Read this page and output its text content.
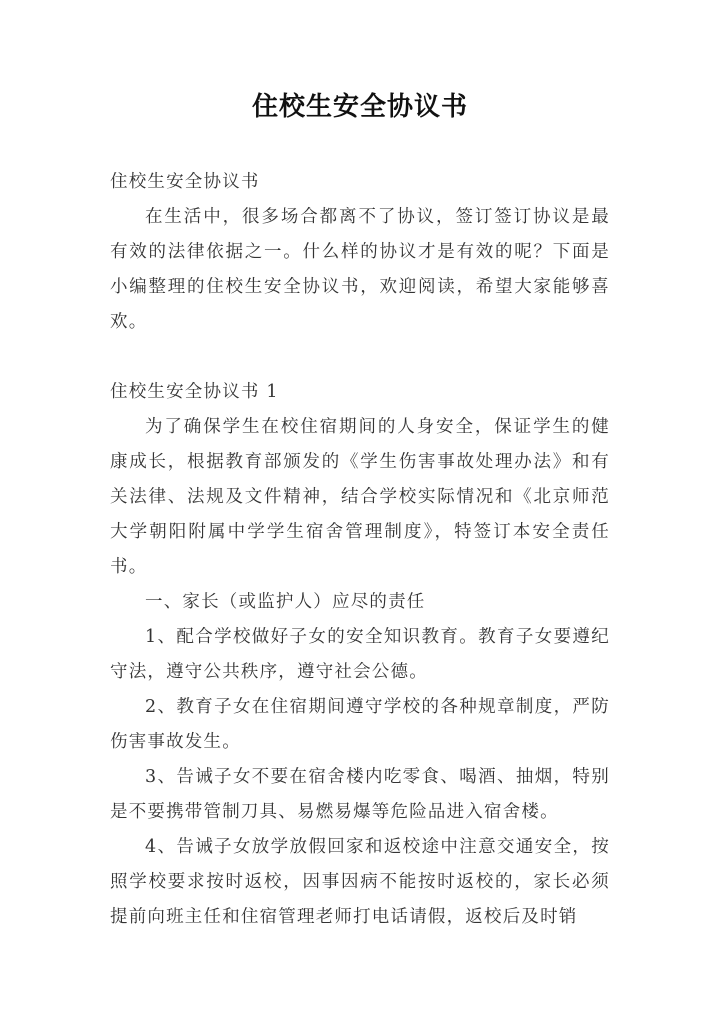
住校生安全协议书

住校生安全协议书

在生活中，很多场合都离不了协议，签订签订协议是最有效的法律依据之一。什么样的协议才是有效的呢？下面是小编整理的住校生安全协议书，欢迎阅读，希望大家能够喜欢。

住校生安全协议书 1

为了确保学生在校住宿期间的人身安全，保证学生的健康成长，根据教育部颁发的《学生伤害事故处理办法》和有关法律、法规及文件精神，结合学校实际情况和《北京师范大学朝阳附属中学学生宿舍管理制度》，特签订本安全责任书。

一、家长（或监护人）应尽的责任

1、配合学校做好子女的安全知识教育。教育子女要遵纪守法，遵守公共秩序，遵守社会公德。

2、教育子女在住宿期间遵守学校的各种规章制度，严防伤害事故发生。

3、告诫子女不要在宿舍楼内吃零食、喝酒、抽烟，特别是不要携带管制刀具、易燃易爆等危险品进入宿舍楼。

4、告诫子女放学放假回家和返校途中注意交通安全，按照学校要求按时返校，因事因病不能按时返校的，家长必须提前向班主任和住宿管理老师打电话请假，返校后及时销
